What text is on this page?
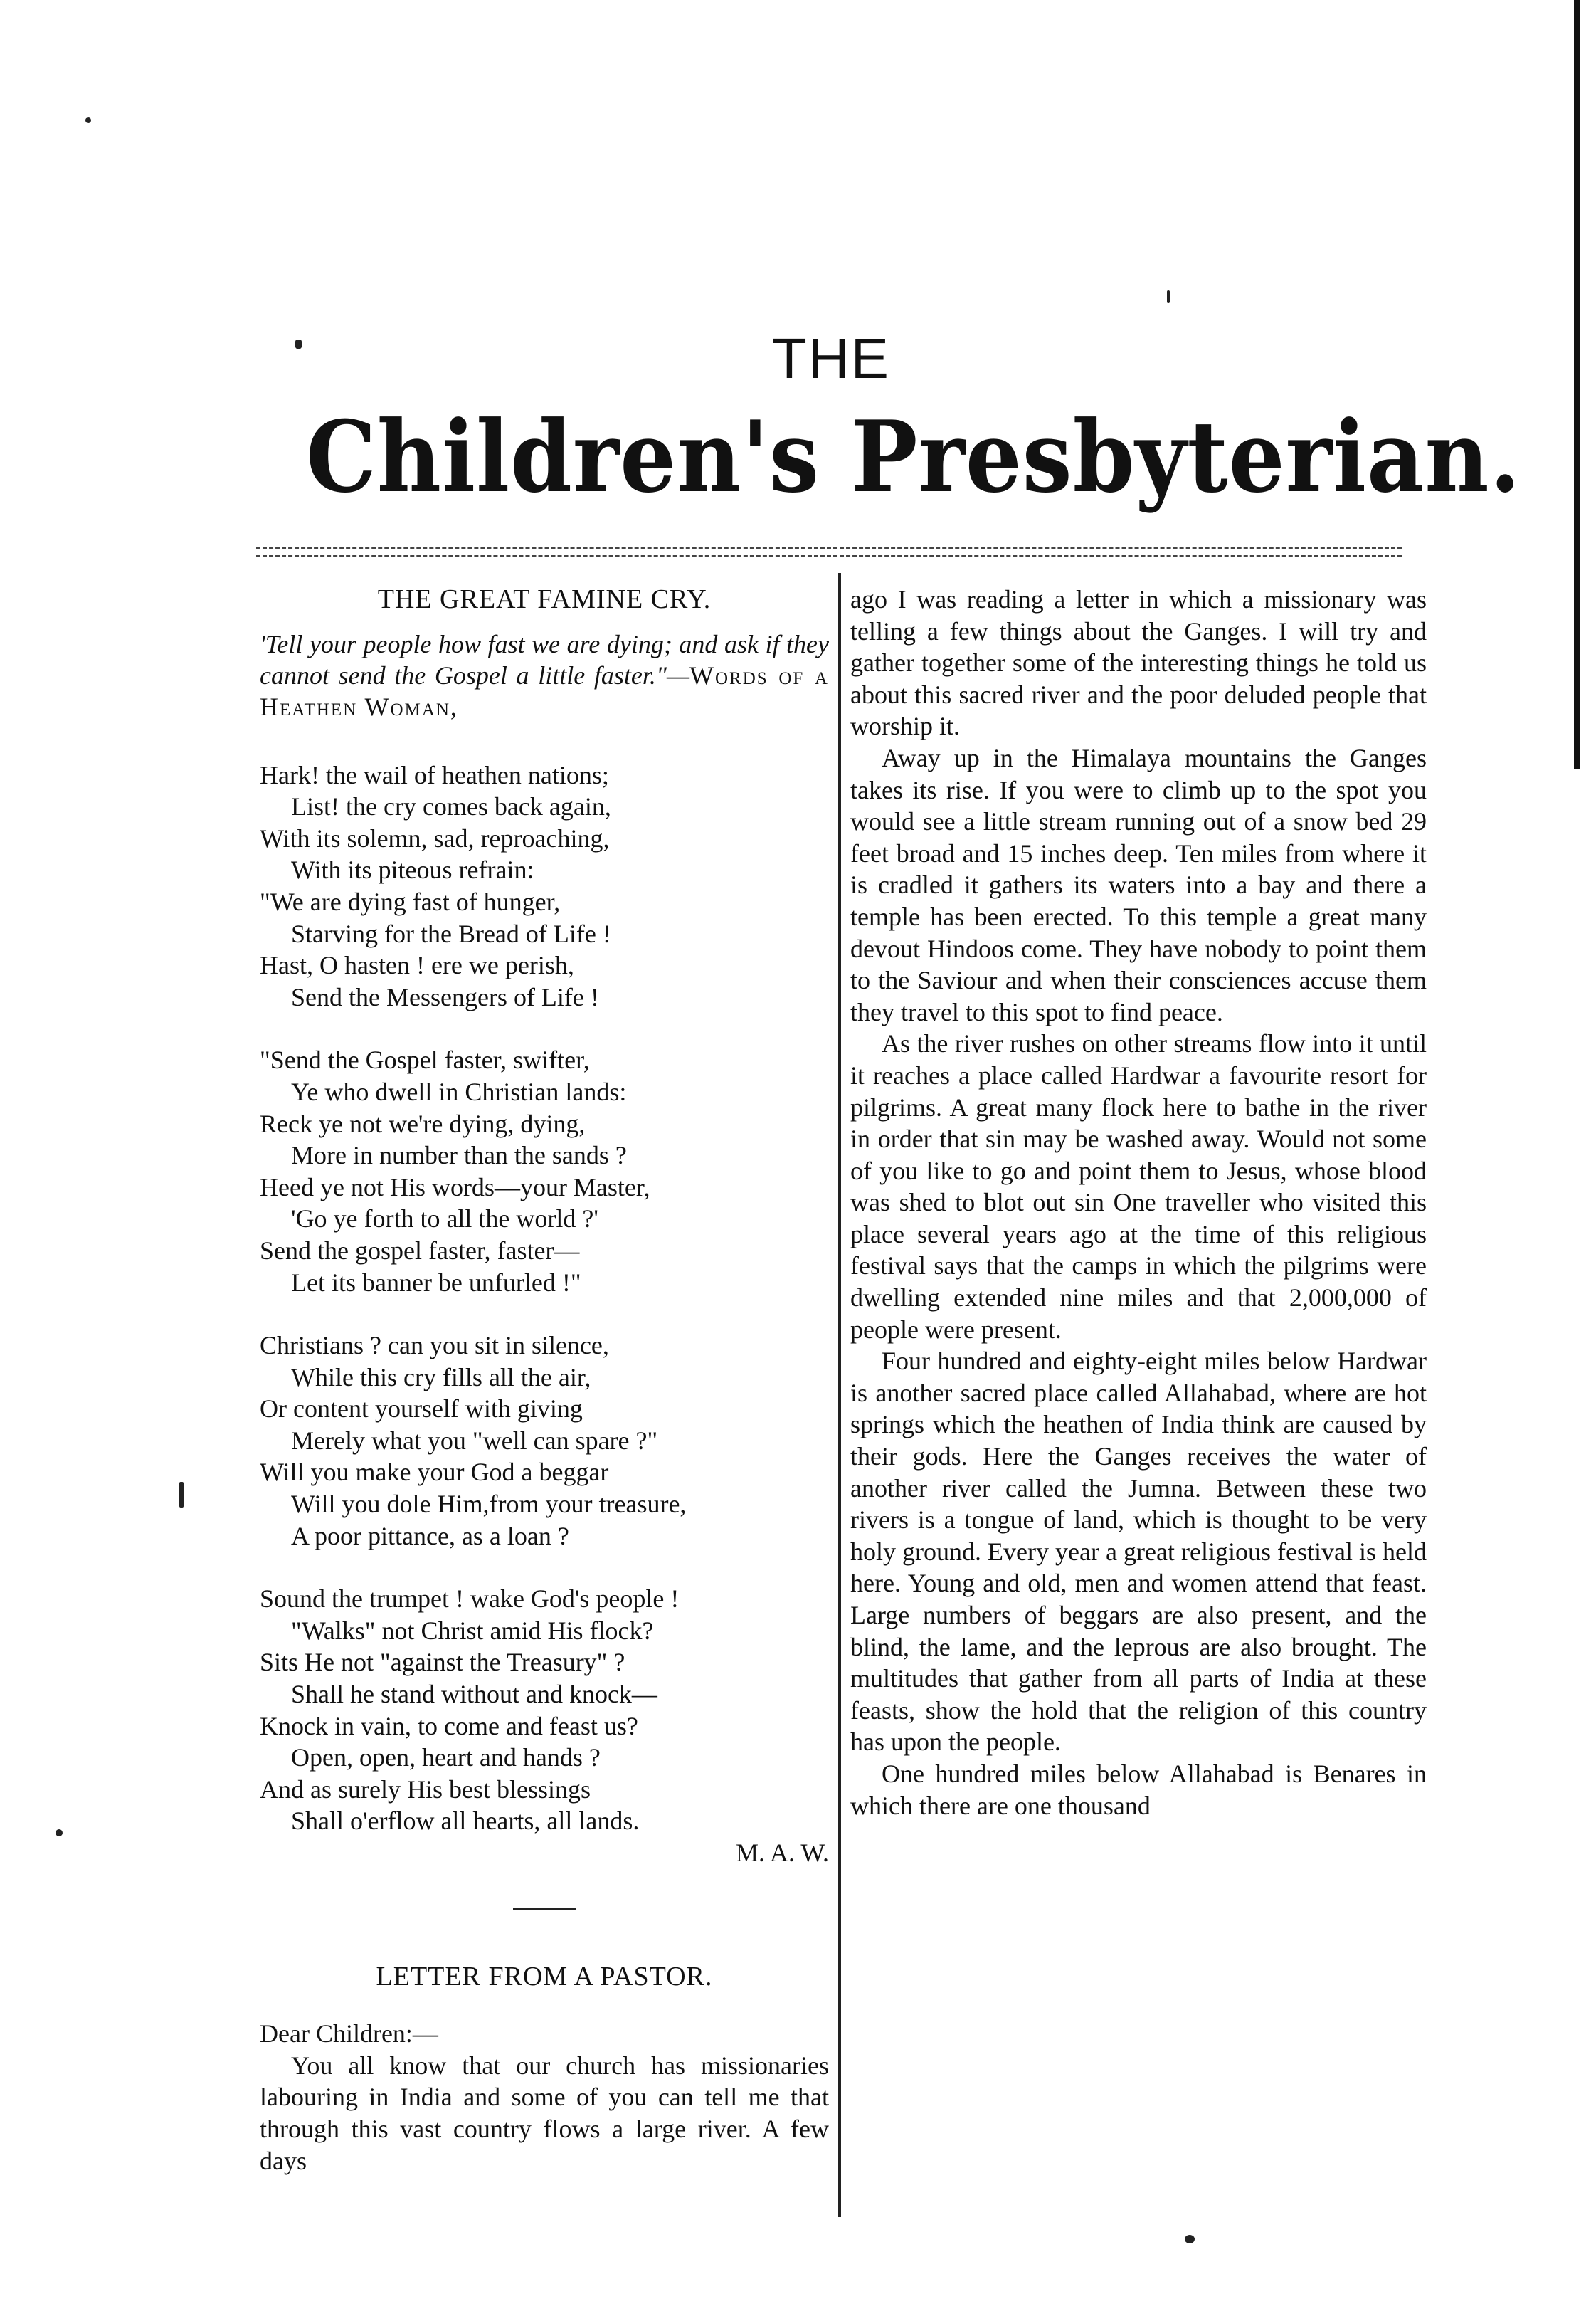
THE
Children's Presbyterian.
THE GREAT FAMINE CRY.
'Tell your people how fast we are dying; and ask if they cannot send the Gospel a little faster."—Words of a Heathen Woman,
Hark! the wail of heathen nations;
List! the cry comes back again,
With its solemn, sad, reproaching,
With its piteous refrain:
"We are dying fast of hunger,
Starving for the Bread of Life !
Hast, O hasten ! ere we perish,
Send the Messengers of Life !
"Send the Gospel faster, swifter,
Ye who dwell in Christian lands:
Reck ye not we're dying, dying,
More in number than the sands ?
Heed ye not His words—your Master,
'Go ye forth to all the world ?'
Send the gospel faster, faster—
Let its banner be unfurled !"
Christians ? can you sit in silence,
While this cry fills all the air,
Or content yourself with giving
Merely what you "well can spare ?"
Will you make your God a beggar
Will you dole Him,from your treasure,
A poor pittance, as a loan ?
Sound the trumpet ! wake God's people !
"Walks" not Christ amid His flock?
Sits He not "against the Treasury" ?
Shall he stand without and knock—
Knock in vain, to come and feast us?
Open, open, heart and hands ?
And as surely His best blessings
Shall o'erflow all hearts, all lands.
M. A. W.
LETTER FROM A PASTOR.
Dear Children:—
You all know that our church has missionaries labouring in India and some of you can tell me that through this vast country flows a large river. A few days
ago I was reading a letter in which a missionary was telling a few things about the Ganges. I will try and gather together some of the interesting things he told us about this sacred river and the poor deluded people that worship it.
Away up in the Himalaya mountains the Ganges takes its rise. If you were to climb up to the spot you would see a little stream running out of a snow bed 29 feet broad and 15 inches deep. Ten miles from where it is cradled it gathers its waters into a bay and there a temple has been erected. To this temple a great many devout Hindoos come. They have nobody to point them to the Saviour and when their consciences accuse them they travel to this spot to find peace.
As the river rushes on other streams flow into it until it reaches a place called Hardwar a favourite resort for pilgrims. A great many flock here to bathe in the river in order that sin may be washed away. Would not some of you like to go and point them to Jesus, whose blood was shed to blot out sin One traveller who visited this place several years ago at the time of this religious festival says that the camps in which the pilgrims were dwelling extended nine miles and that 2,000,000 of people were present.
Four hundred and eighty-eight miles below Hardwar is another sacred place called Allahabad, where are hot springs which the heathen of India think are caused by their gods. Here the Ganges receives the water of another river called the Jumna. Between these two rivers is a tongue of land, which is thought to be very holy ground. Every year a great religious festival is held here. Young and old, men and women attend that feast. Large numbers of beggars are also present, and the blind, the lame, and the leprous are also brought. The multitudes that gather from all parts of India at these feasts, show the hold that the religion of this country has upon the people.
One hundred miles below Allahabad is Benares in which there are one thousand
